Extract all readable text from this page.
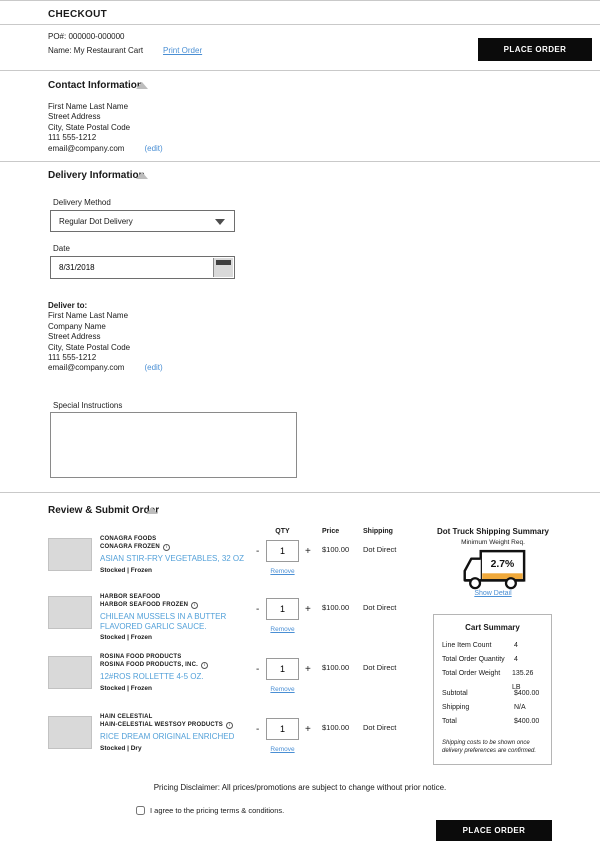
CHECKOUT
PO#: 000000-000000
Name: My Restaurant Cart Print Order	PLACE ORDER
Contact Information
First Name Last Name
Street Address
City, State Postal Code
111 555-1212
email@company.com	(edit)
Delivery Information
Delivery Method
Regular Dot Delivery
Date
8/31/2018
Deliver to:
First Name Last Name
Company Name
Street Address
City, State Postal Code
111 555-1212
email@company.com	(edit)
Special Instructions
Review & Submit Order
QTY	Price	Shipping
CONAGRA FOODS
CONAGRA FROZEN	i
ASIAN STIR-FRY VEGETABLES, 32 OZ
Stocked | Frozen
-
1	+
Remove
$100.00 Dot Direct
HARBOR SEAFOOD
HARBOR SEAFOOD FROZEN	i
CHILEAN MUSSELS IN A BUTTER FLAVORED GARLIC SAUCE.
Stocked | Frozen
-
1	+
Remove
$100.00 Dot Direct
ROSINA FOOD PRODUCTS
ROSINA FOOD PRODUCTS, INC.	i
12#ROS ROLLETTE 4-5 OZ.
Stocked | Frozen
-
1	+
Remove
$100.00 Dot Direct
HAIN CELESTIAL
HAIN-CELESTIAL WESTSOY PRODUCTS	i
RICE DREAM ORIGINAL ENRICHED
Stocked | Dry
-
1	+
Remove
$100.00 Dot Direct
Dot Truck Shipping Summary
Minimum Weight Req.
2.7%
Show Detail
Cart Summary
Line Item Count	4
Total Order Quantity	4
Total Order Weight	135.26 LB
Subtotal	$400.00
Shipping	N/A
Total	$400.00
Shipping costs to be shown once delivery preferences are confirmed.
Pricing Disclaimer: All prices/promotions are subject to change without prior notice.
I agree to the pricing terms & conditions.
PLACE ORDER
